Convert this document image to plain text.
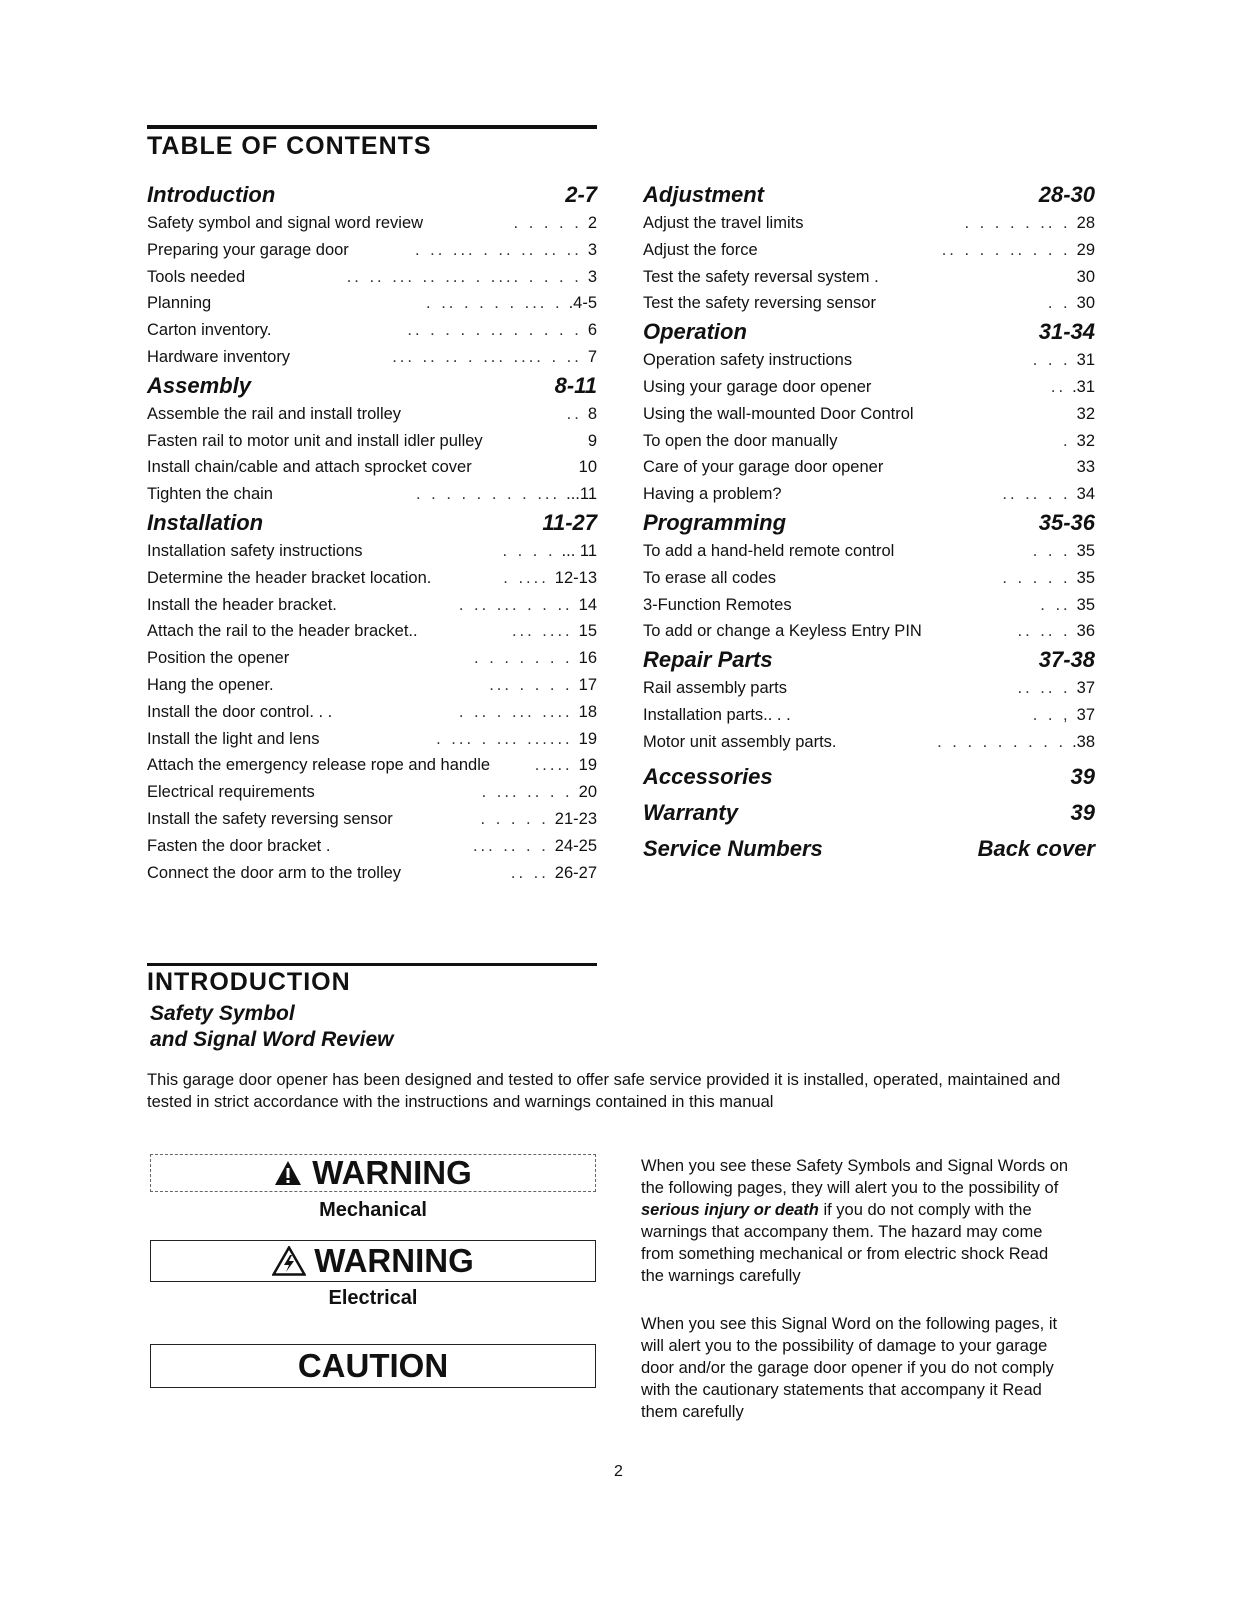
TABLE OF CONTENTS
Introduction	2-7
Safety symbol and signal word review	. . . . . 2
Preparing your garage door	. .. ... . .. .. .. .. 3
Tools needed	.. .. ... .. ... . .... . . . . 3
Planning	. .. . . . . ... . .4-5
Carton inventory.	.. . . . . .. . . . . . 6
Hardware inventory	... .. .. . ... .... . .. 7
Assembly	8-11
Assemble the rail and install trolley	.. 8
Fasten rail to motor unit and install idler pulley	9
Install chain/cable and attach sprocket cover	10
Tighten the chain	. . . . . . . . ... ...11
Installation	11-27
Installation safety instructions	. . . . ... 11
Determine the header bracket location.	. .... 12-13
Install the header bracket.	. .. ... . . .. 14
Attach the rail to the header bracket..	... .... 15
Position the opener	. . . . . . . 16
Hang the opener.	... . . . . 17
Install the door control. . .	. .. . ... .... 18
Install the light and lens	. ... . ... ...... 19
Attach the emergency release rope and handle	..... 19
Electrical requirements	. ... .. . . 20
Install the safety reversing sensor	. . . . . 21-23
Fasten the door bracket .	... .. . . 24-25
Connect the door arm to the trolley	.. .. 26-27
Adjustment	28-30
Adjust the travel limits	. . . . . .. . 28
Adjust the force	.. . . . .. . . . 29
Test the safety reversal system .	30
Test the safety reversing sensor	. . 30
Operation	31-34
Operation safety instructions	. . . 31
Using your garage door opener	.. .31
Using the wall-mounted Door Control	32
To open the door manually	. 32
Care of your garage door opener	33
Having a problem?	.. .. . . 34
Programming	35-36
To add a hand-held remote control	. . . 35
To erase all codes	. . . . . 35
3-Function Remotes	. .. 35
To add or change a Keyless Entry PIN	.. .. . 36
Repair Parts	37-38
Rail assembly parts	.. .. . 37
Installation parts.. . .	. . , 37
Motor unit assembly parts.	. . . . . . . . . .38
Accessories	39
Warranty	39
Service Numbers	Back cover
INTRODUCTION
Safety Symbol
and Signal Word Review
This garage door opener has been designed and tested to offer safe service provided it is installed, operated, maintained and tested in strict accordance with the instructions and warnings contained in this manual
WARNING
Mechanical
WARNING
Electrical
CAUTION
When you see these Safety Symbols and Signal Words on the following pages, they will alert you to the possibility of serious injury or death if you do not comply with the warnings that accompany them. The hazard may come from something mechanical or from electric shock Read the warnings carefully
When you see this Signal Word on the following pages, it will alert you to the possibility of damage to your garage door and/or the garage door opener if you do not comply with the cautionary statements that accompany it Read them carefully
2
